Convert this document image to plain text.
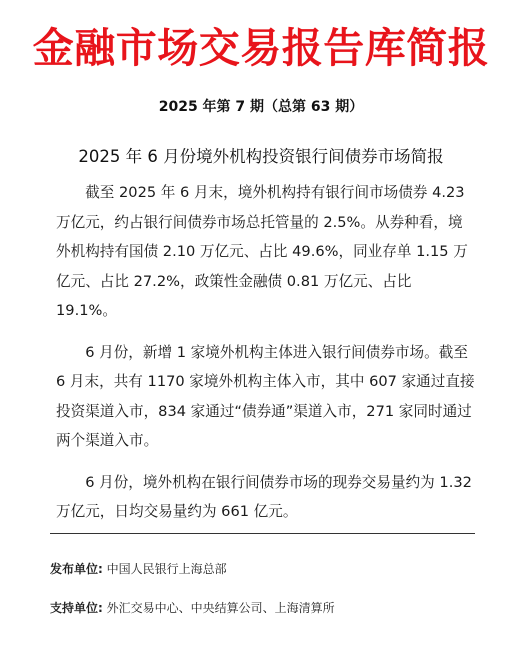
金融市场交易报告库简报
2025 年第 7 期（总第 63 期）
2025 年 6 月份境外机构投资银行间债券市场简报

截至 2025 年 6 月末，境外机构持有银行间市场债券 4.23 万亿元，约占银行间债券市场总托管量的 2.5%。从券种看，境外机构持有国债 2.10 万亿元、占比 49.6%，同业存单 1.15 万亿元、占比 27.2%，政策性金融债 0.81 万亿元、占比 19.1%。

6 月份，新增 1 家境外机构主体进入银行间债券市场。截至 6 月末，共有 1170 家境外机构主体入市，其中 607 家通过直接投资渠道入市，834 家通过“债券通”渠道入市，271 家同时通过两个渠道入市。

6 月份，境外机构在银行间债券市场的现券交易量约为 1.32 万亿元，日均交易量约为 661 亿元。

发布单位: 中国人民银行上海总部
支持单位: 外汇交易中心、中央结算公司、上海清算所
